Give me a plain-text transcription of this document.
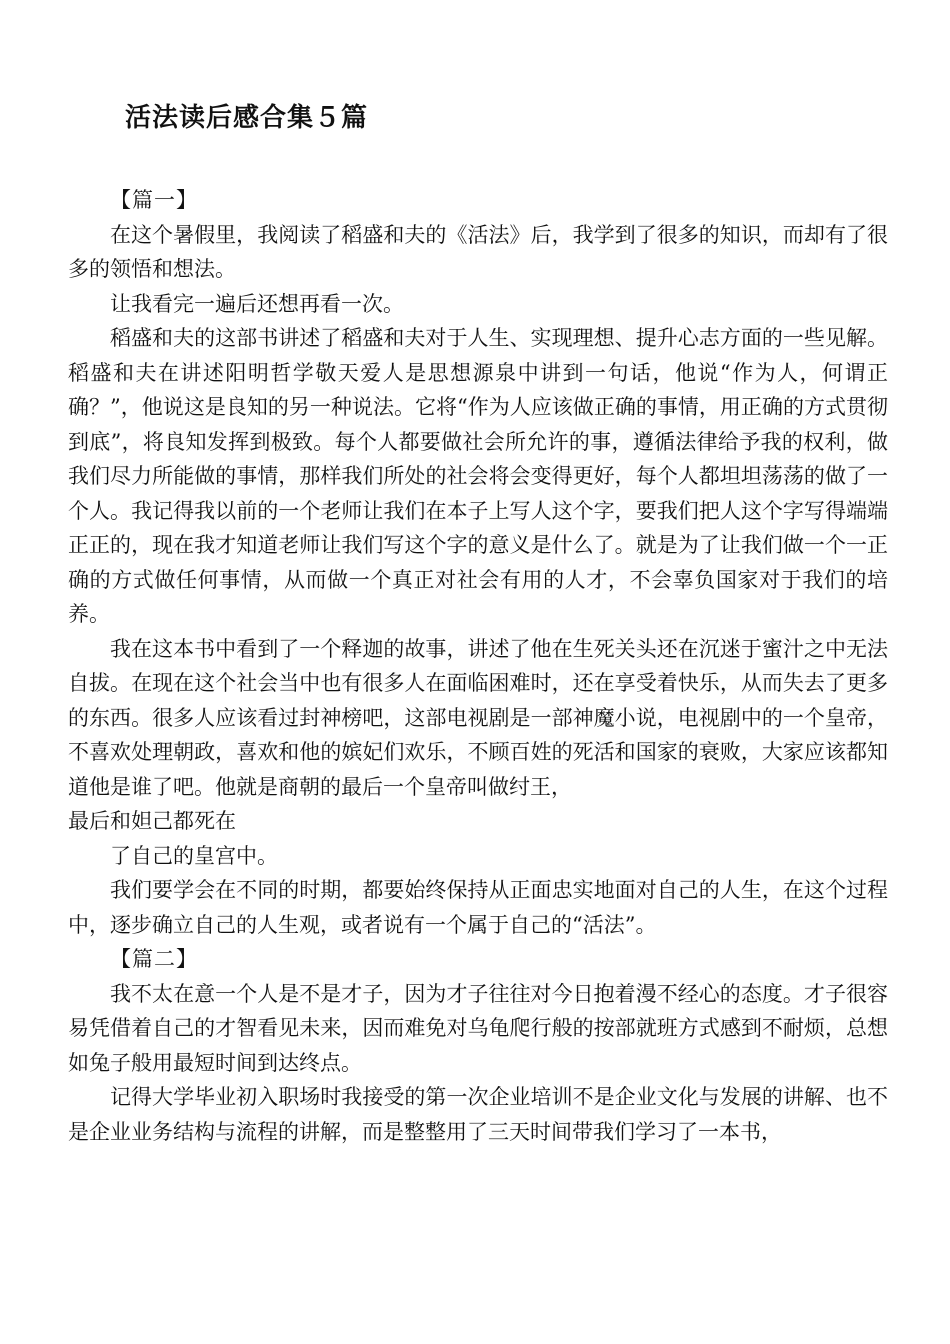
活法读后感合集５篇

【篇一】

在这个暑假里，我阅读了稻盛和夫的《活法》后，我学到了很多的知识，而却有了很多的领悟和想法。

让我看完一遍后还想再看一次。

稻盛和夫的这部书讲述了稻盛和夫对于人生、实现理想、提升心志方面的一些见解。稻盛和夫在讲述阳明哲学敬天爱人是思想源泉中讲到一句话，他说“作为人，何谓正确？”，他说这是良知的另一种说法。它将“作为人应该做正确的事情，用正确的方式贯彻到底”，将良知发挥到极致。每个人都要做社会所允许的事，遵循法律给予我的权利，做我们尽力所能做的事情，那样我们所处的社会将会变得更好，每个人都坦坦荡荡的做了一个人。我记得我以前的一个老师让我们在本子上写人这个字，要我们把人这个字写得端端正正的，现在我才知道老师让我们写这个字的意义是什么了。就是为了让我们做一个一正确的方式做任何事情，从而做一个真正对社会有用的人才，不会辜负国家对于我们的培养。

我在这本书中看到了一个释迦的故事，讲述了他在生死关头还在沉迷于蜜汁之中无法自拔。在现在这个社会当中也有很多人在面临困难时，还在享受着快乐，从而失去了更多的东西。很多人应该看过封神榜吧，这部电视剧是一部神魔小说，电视剧中的一个皇帝，不喜欢处理朝政，喜欢和他的嫔妃们欢乐，不顾百姓的死活和国家的衰败，大家应该都知道他是谁了吧。他就是商朝的最后一个皇帝叫做纣王，

最后和妲己都死在

了自己的皇宫中。

我们要学会在不同的时期，都要始终保持从正面忠实地面对自己的人生，在这个过程中，逐步确立自己的人生观，或者说有一个属于自己的“活法”。

【篇二】

我不太在意一个人是不是才子，因为才子往往对今日抱着漫不经心的态度。才子很容易凭借着自己的才智看见未来，因而难免对乌龟爬行般的按部就班方式感到不耐烦，总想如兔子般用最短时间到达终点。

记得大学毕业初入职场时我接受的第一次企业培训不是企业文化与发展的讲解、也不是企业业务结构与流程的讲解，而是整整用了三天时间带我们学习了一本书，
